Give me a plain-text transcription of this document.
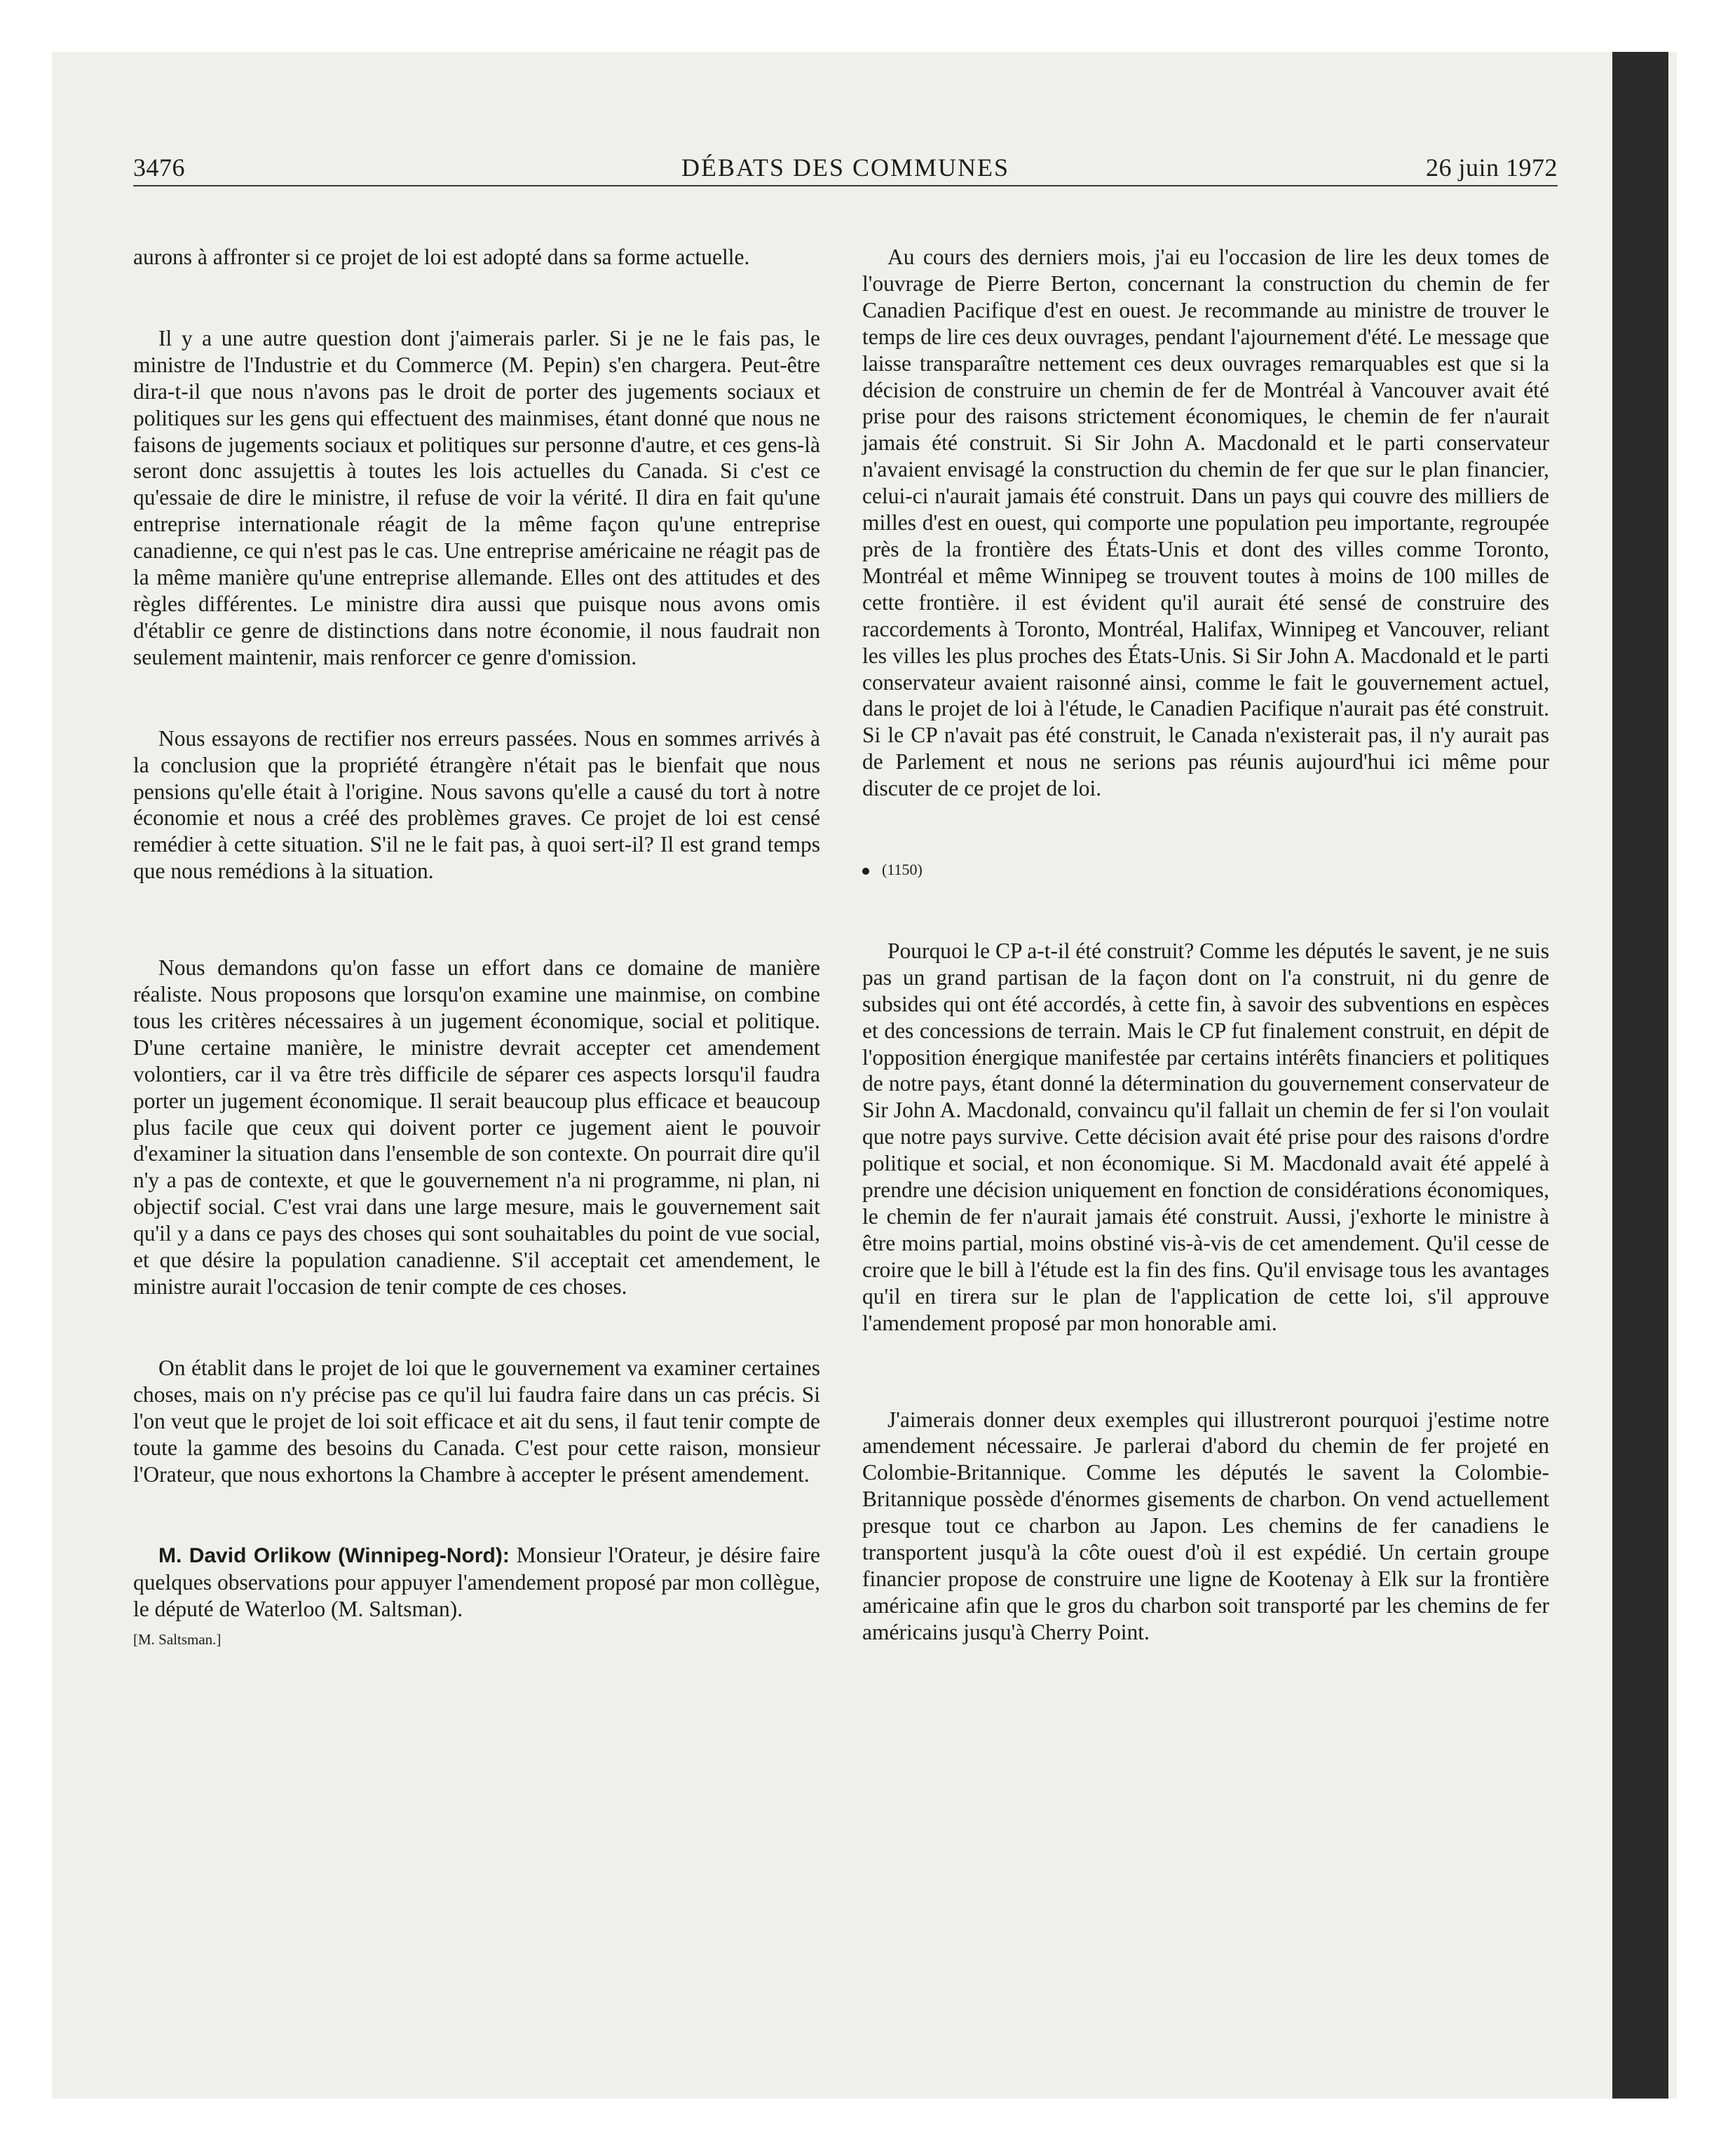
3476	DÉBATS DES COMMUNES	26 juin 1972

aurons à affronter si ce projet de loi est adopté dans sa forme actuelle.

Il y a une autre question dont j'aimerais parler. Si je ne le fais pas, le ministre de l'Industrie et du Commerce (M. Pepin) s'en chargera. Peut-être dira-t-il que nous n'avons pas le droit de porter des jugements sociaux et politiques sur les gens qui effectuent des mainmises, étant donné que nous ne faisons de jugements sociaux et politiques sur personne d'autre, et ces gens-là seront donc assujettis à toutes les lois actuelles du Canada. Si c'est ce qu'essaie de dire le ministre, il refuse de voir la vérité. Il dira en fait qu'une entreprise internationale réagit de la même façon qu'une entreprise canadienne, ce qui n'est pas le cas. Une entreprise américaine ne réagit pas de la même manière qu'une entreprise allemande. Elles ont des attitudes et des règles différentes. Le ministre dira aussi que puisque nous avons omis d'établir ce genre de distinctions dans notre économie, il nous faudrait non seulement maintenir, mais renforcer ce genre d'omission.

Nous essayons de rectifier nos erreurs passées. Nous en sommes arrivés à la conclusion que la propriété étrangère n'était pas le bienfait que nous pensions qu'elle était à l'origine. Nous savons qu'elle a causé du tort à notre économie et nous a créé des problèmes graves. Ce projet de loi est censé remédier à cette situation. S'il ne le fait pas, à quoi sert-il? Il est grand temps que nous remédions à la situation.

Nous demandons qu'on fasse un effort dans ce domaine de manière réaliste. Nous proposons que lorsqu'on examine une mainmise, on combine tous les critères nécessaires à un jugement économique, social et politique. D'une certaine manière, le ministre devrait accepter cet amendement volontiers, car il va être très difficile de séparer ces aspects lorsqu'il faudra porter un jugement économique. Il serait beaucoup plus efficace et beaucoup plus facile que ceux qui doivent porter ce jugement aient le pouvoir d'examiner la situation dans l'ensemble de son contexte. On pourrait dire qu'il n'y a pas de contexte, et que le gouvernement n'a ni programme, ni plan, ni objectif social. C'est vrai dans une large mesure, mais le gouvernement sait qu'il y a dans ce pays des choses qui sont souhaitables du point de vue social, et que désire la population canadienne. S'il acceptait cet amendement, le ministre aurait l'occasion de tenir compte de ces choses.

On établit dans le projet de loi que le gouvernement va examiner certaines choses, mais on n'y précise pas ce qu'il lui faudra faire dans un cas précis. Si l'on veut que le projet de loi soit efficace et ait du sens, il faut tenir compte de toute la gamme des besoins du Canada. C'est pour cette raison, monsieur l'Orateur, que nous exhortons la Chambre à accepter le présent amendement.

M. David Orlikow (Winnipeg-Nord): Monsieur l'Orateur, je désire faire quelques observations pour appuyer l'amendement proposé par mon collègue, le député de Waterloo (M. Saltsman).

[M. Saltsman.]

Au cours des derniers mois, j'ai eu l'occasion de lire les deux tomes de l'ouvrage de Pierre Berton, concernant la construction du chemin de fer Canadien Pacifique d'est en ouest. Je recommande au ministre de trouver le temps de lire ces deux ouvrages, pendant l'ajournement d'été. Le message que laisse transparaître nettement ces deux ouvrages remarquables est que si la décision de construire un chemin de fer de Montréal à Vancouver avait été prise pour des raisons strictement économiques, le chemin de fer n'aurait jamais été construit. Si Sir John A. Macdonald et le parti conservateur n'avaient envisagé la construction du chemin de fer que sur le plan financier, celui-ci n'aurait jamais été construit. Dans un pays qui couvre des milliers de milles d'est en ouest, qui comporte une population peu importante, regroupée près de la frontière des États-Unis et dont des villes comme Toronto, Montréal et même Winnipeg se trouvent toutes à moins de 100 milles de cette frontière. il est évident qu'il aurait été sensé de construire des raccordements à Toronto, Montréal, Halifax, Winnipeg et Vancouver, reliant les villes les plus proches des États-Unis. Si Sir John A. Macdonald et le parti conservateur avaient raisonné ainsi, comme le fait le gouvernement actuel, dans le projet de loi à l'étude, le Canadien Pacifique n'aurait pas été construit. Si le CP n'avait pas été construit, le Canada n'existerait pas, il n'y aurait pas de Parlement et nous ne serions pas réunis aujourd'hui ici même pour discuter de ce projet de loi.

(1150)

Pourquoi le CP a-t-il été construit? Comme les députés le savent, je ne suis pas un grand partisan de la façon dont on l'a construit, ni du genre de subsides qui ont été accordés, à cette fin, à savoir des subventions en espèces et des concessions de terrain. Mais le CP fut finalement construit, en dépit de l'opposition énergique manifestée par certains intérêts financiers et politiques de notre pays, étant donné la détermination du gouvernement conservateur de Sir John A. Macdonald, convaincu qu'il fallait un chemin de fer si l'on voulait que notre pays survive. Cette décision avait été prise pour des raisons d'ordre politique et social, et non économique. Si M. Macdonald avait été appelé à prendre une décision uniquement en fonction de considérations économiques, le chemin de fer n'aurait jamais été construit. Aussi, j'exhorte le ministre à être moins partial, moins obstiné vis-à-vis de cet amendement. Qu'il cesse de croire que le bill à l'étude est la fin des fins. Qu'il envisage tous les avantages qu'il en tirera sur le plan de l'application de cette loi, s'il approuve l'amendement proposé par mon honorable ami.

J'aimerais donner deux exemples qui illustreront pourquoi j'estime notre amendement nécessaire. Je parlerai d'abord du chemin de fer projeté en Colombie-Britannique. Comme les députés le savent la Colombie-Britannique possède d'énormes gisements de charbon. On vend actuellement presque tout ce charbon au Japon. Les chemins de fer canadiens le transportent jusqu'à la côte ouest d'où il est expédié. Un certain groupe financier propose de construire une ligne de Kootenay à Elk sur la frontière américaine afin que le gros du charbon soit transporté par les chemins de fer américains jusqu'à Cherry Point.
